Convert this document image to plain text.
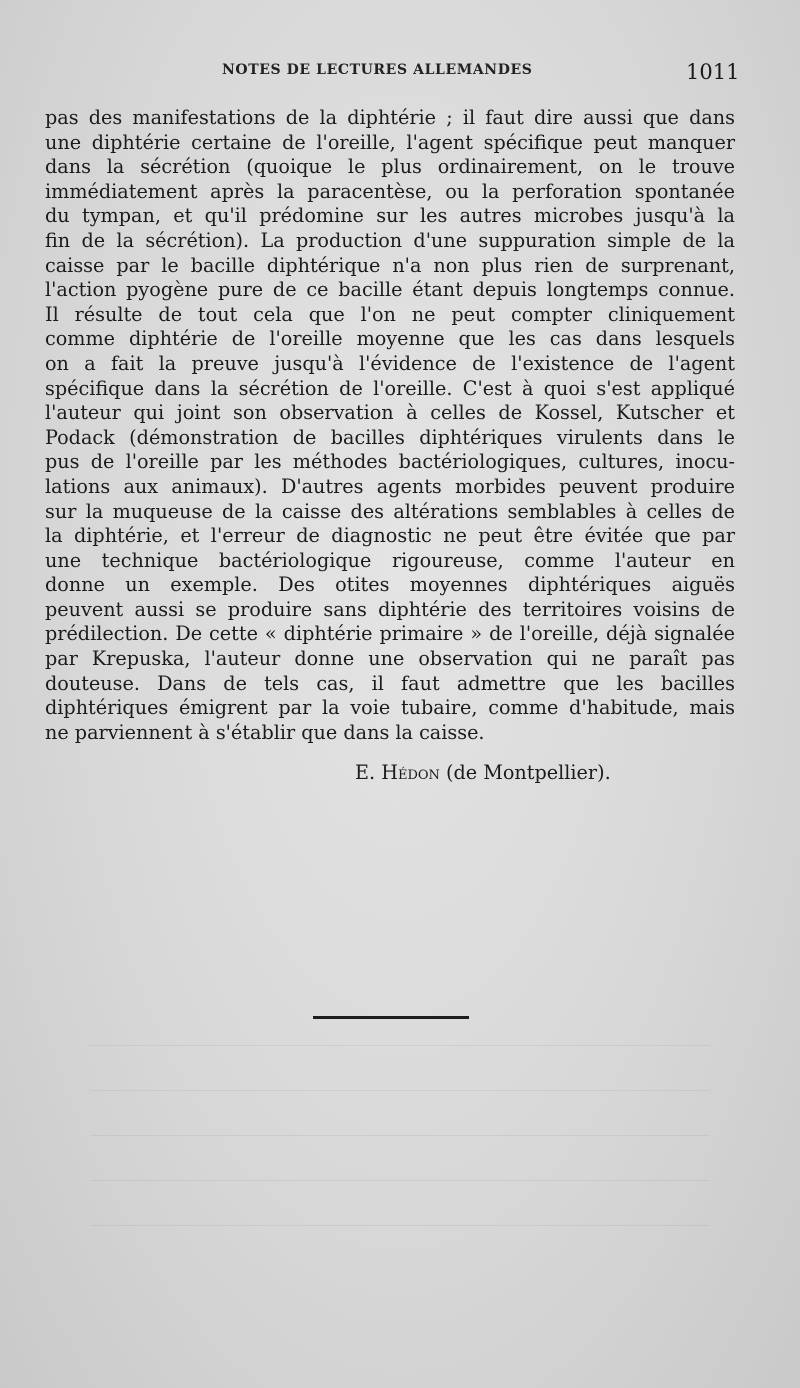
NOTES DE LECTURES ALLEMANDES	1011
pas des manifestations de la diphtérie ; il faut dire aussi que dans
une diphtérie certaine de l'oreille, l'agent spécifique peut manquer
dans la sécrétion (quoique le plus ordinairement, on le trouve
immédiatement après la paracentèse, ou la perforation spontanée
du tympan, et qu'il prédomine sur les autres microbes jusqu'à la
fin de la sécrétion). La production d'une suppuration simple de la
caisse par le bacille diphtérique n'a non plus rien de surprenant,
l'action pyogène pure de ce bacille étant depuis longtemps connue.
Il résulte de tout cela que l'on ne peut compter cliniquement
comme diphtérie de l'oreille moyenne que les cas dans lesquels
on a fait la preuve jusqu'à l'évidence de l'existence de l'agent
spécifique dans la sécrétion de l'oreille. C'est à quoi s'est appliqué
l'auteur qui joint son observation à celles de Kossel, Kutscher et
Podack (démonstration de bacilles diphtériques virulents dans le
pus de l'oreille par les méthodes bactériologiques, cultures, inocu-
lations aux animaux). D'autres agents morbides peuvent produire
sur la muqueuse de la caisse des altérations semblables à celles de
la diphtérie, et l'erreur de diagnostic ne peut être évitée que par
une technique bactériologique rigoureuse, comme l'auteur en
donne un exemple. Des otites moyennes diphtériques aiguës
peuvent aussi se produire sans diphtérie des territoires voisins de
prédilection. De cette « diphtérie primaire » de l'oreille, déjà signalée
par Krepuska, l'auteur donne une observation qui ne paraît pas
douteuse. Dans de tels cas, il faut admettre que les bacilles
diphtériques émigrent par la voie tubaire, comme d'habitude, mais
ne parviennent à s'établir que dans la caisse.
E. Hédon (de Montpellier).
